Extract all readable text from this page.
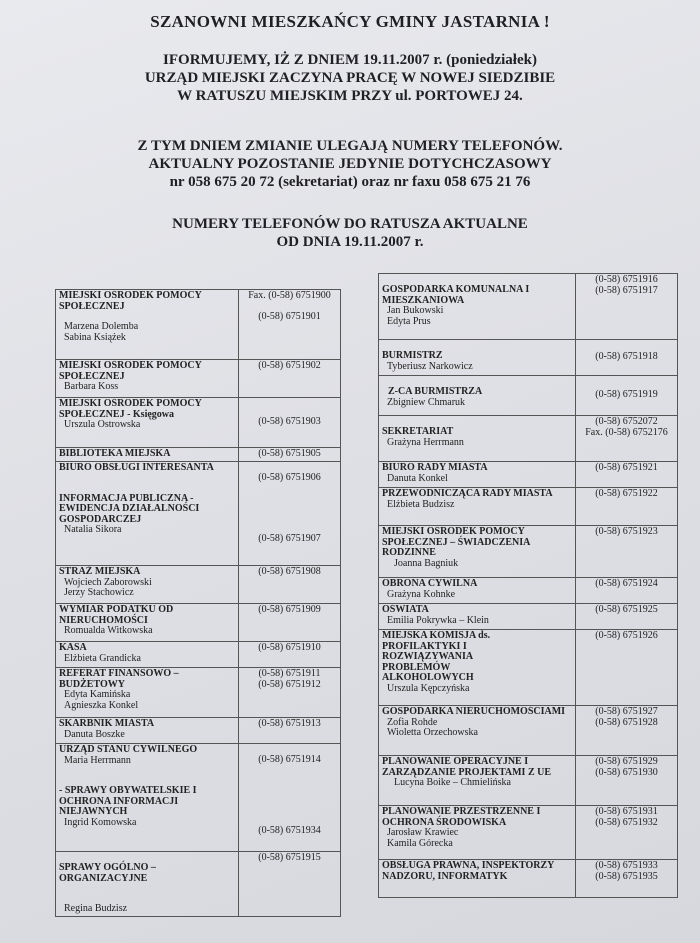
SZANOWNI MIESZKAŃCY GMINY JASTARNIA !
IFORMUJEMY, IŻ Z DNIEM 19.11.2007 r. (poniedziałek)
URZĄD MIEJSKI ZACZYNA PRACĘ W NOWEJ SIEDZIBIE
W RATUSZU MIEJSKIM PRZY ul. PORTOWEJ 24.
Z TYM DNIEM ZMIANIE ULEGAJĄ NUMERY TELEFONÓW.
AKTUALNY POZOSTANIE JEDYNIE DOTYCHCZASOWY
nr 058 675 20 72 (sekretariat) oraz nr faxu 058 675 21 76
NUMERY TELEFONÓW DO RATUSZA AKTUALNE
OD DNIA 19.11.2007 r.
MIEJSKI OŚRODEK POMOCY SPOŁECZNEJ
Marzena Dolemba
Sabina Książek	Fax. (0-58) 6751900
(0-58) 6751901

MIEJSKI OŚRODEK POMOCY SPOŁECZNEJ
Barbara Koss	(0-58) 6751902

MIEJSKI OŚRODEK POMOCY SPOŁECZNEJ - Księgowa
Urszula Ostrowska	(0-58) 6751903

BIBLIOTEKA MIEJSKA	(0-58) 6751905

BIURO OBSŁUGI INTERESANTA
INFORMACJA PUBLICZNA - EWIDENCJA DZIAŁALNOŚCI GOSPODARCZEJ
Natalia Sikora	(0-58) 6751906
(0-58) 6751907

STRAŻ MIEJSKA
Wojciech Zaborowski
Jerzy Stachowicz	(0-58) 6751908

WYMIAR PODATKU OD NIERUCHOMOŚCI
Romualda Witkowska	(0-58) 6751909

KASA
Elżbieta Grandicka	(0-58) 6751910

REFERAT FINANSOWO – BUDŻETOWY
Edyta Kamińska
Agnieszka Konkel	(0-58) 6751911
(0-58) 6751912

SKARBNIK MIASTA
Danuta Boszke	(0-58) 6751913

URZĄD STANU CYWILNEGO
Maria Herrmann
- SPRAWY OBYWATELSKIE I OCHRONA INFORMACJI NIEJAWNYCH
Ingrid Komowska	(0-58) 6751914
(0-58) 6751934

SPRAWY OGÓLNO – ORGANIZACYJNE
Regina Budzisz	(0-58) 6751915
GOSPODARKA KOMUNALNA I MIESZKANIOWA
Jan Bukowski
Edyta Prus	(0-58) 6751916
(0-58) 6751917

BURMISTRZ
Tyberiusz Narkowicz	(0-58) 6751918

Z-CA BURMISTRZA
Zbigniew Chmaruk	(0-58) 6751919

SEKRETARIAT
Grażyna Herrmann	(0-58) 6752072
Fax. (0-58) 6752176

BIURO RADY MIASTA
Danuta Konkel	(0-58) 6751921

PRZEWODNICZĄCA RADY MIASTA
Elżbieta Budzisz	(0-58) 6751922

MIEJSKI OŚRODEK POMOCY SPOŁECZNEJ – ŚWIADCZENIA RODZINNE
Joanna Bagniuk	(0-58) 6751923

OBRONA CYWILNA
Grażyna Kohnke	(0-58) 6751924

OŚWIATA
Emilia Pokrywka – Klein	(0-58) 6751925

MIEJSKA KOMISJA ds. PROFILAKTYKI I ROZWIĄZYWANIA PROBLEMÓW ALKOHOLOWYCH
Urszula Kępczyńska	(0-58) 6751926

GOSPODARKA NIERUCHOMOŚCIAMI
Zofia Rohde
Wioletta Orzechowska	(0-58) 6751927
(0-58) 6751928

PLANOWANIE OPERACYJNE I ZARZĄDZANIE PROJEKTAMI Z UE
Lucyna Boike – Chmielińska	(0-58) 6751929
(0-58) 6751930

PLANOWANIE PRZESTRZENNE I OCHRONA ŚRODOWISKA
Jarosław Krawiec
Kamila Górecka	(0-58) 6751931
(0-58) 6751932

OBSŁUGA PRAWNA, INSPEKTORZY NADZORU, INFORMATYK	(0-58) 6751933
(0-58) 6751935
